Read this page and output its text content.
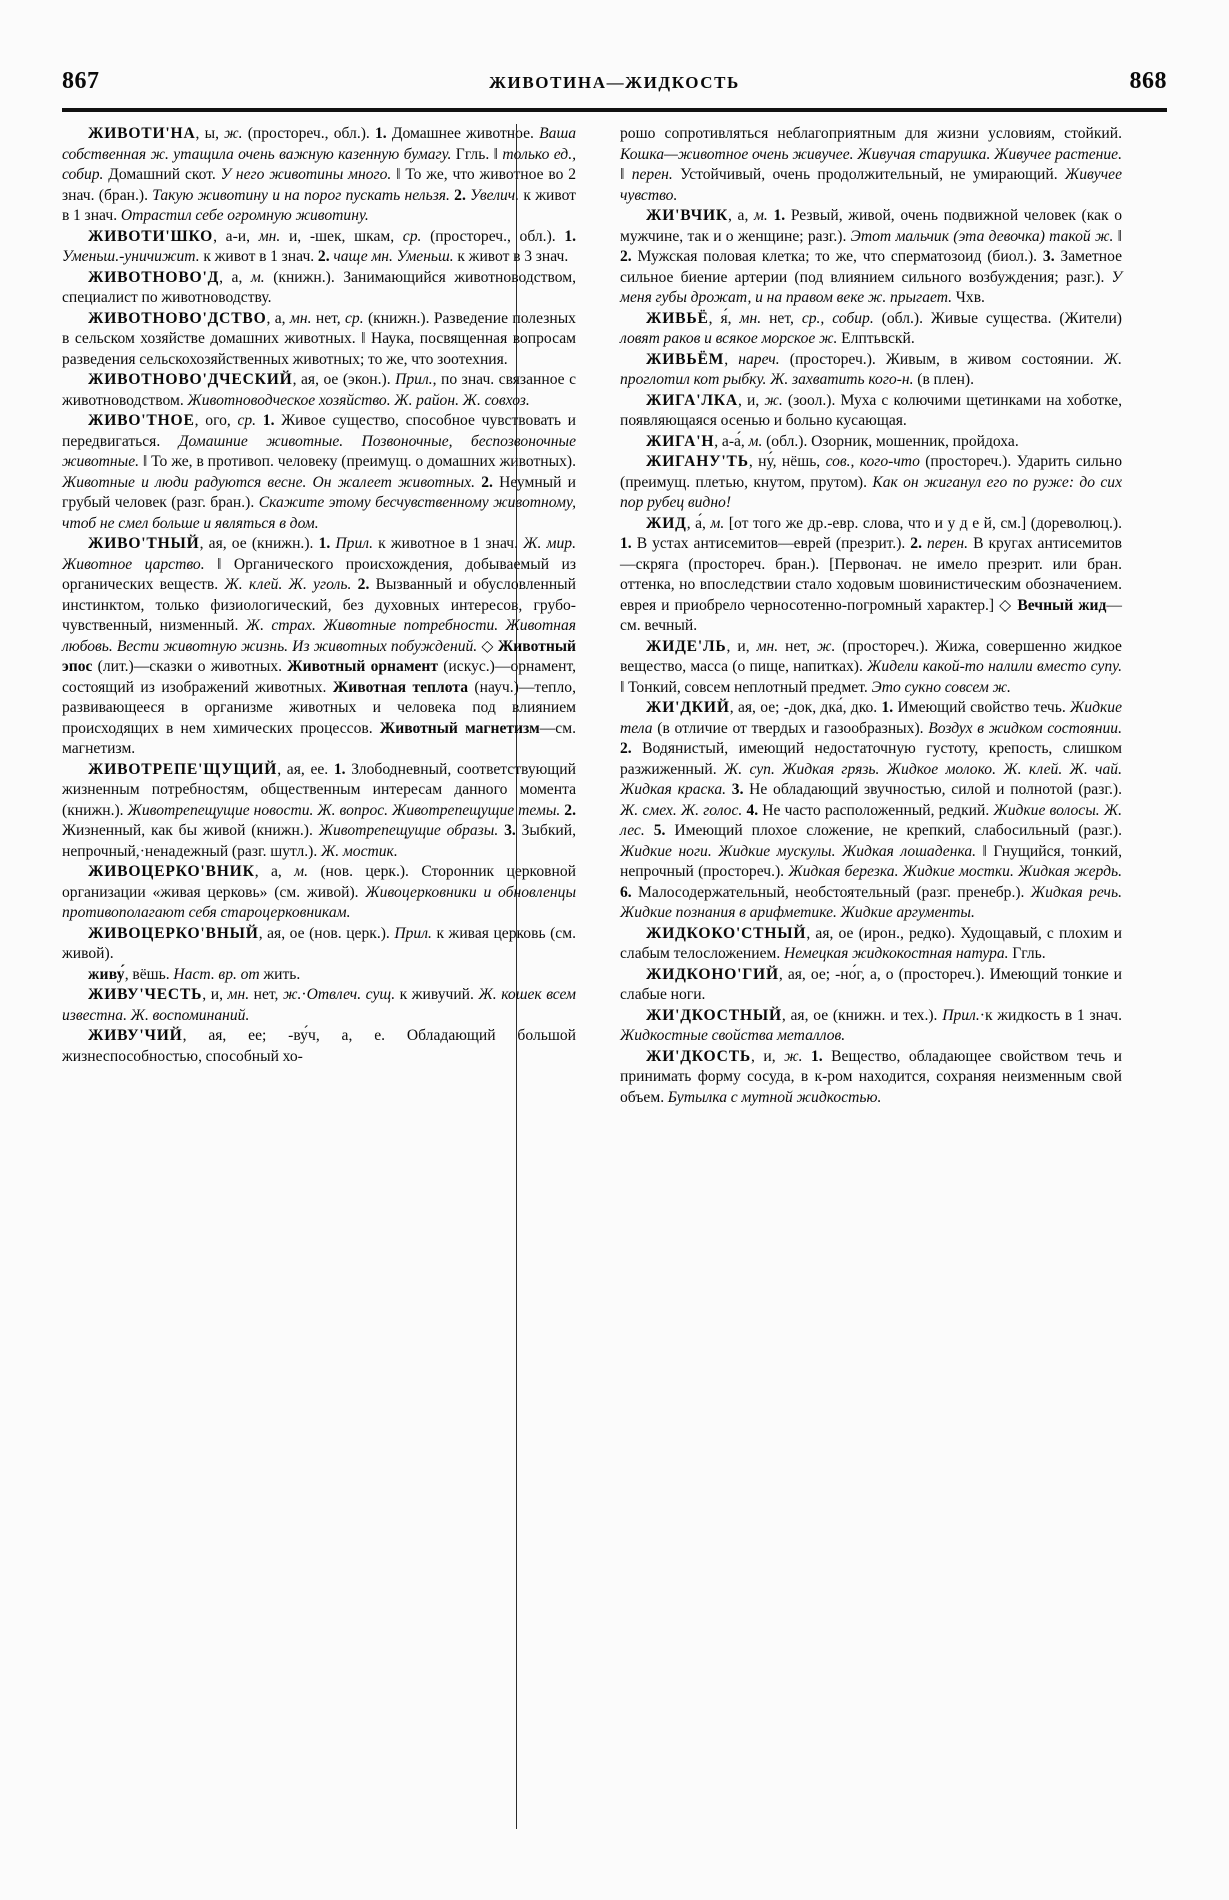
867	ЖИВОТИНА—ЖИДКОСТЬ	868

ЖИВОТИ'НА, ы, ж. (простореч., обл.). 1. Домашнее животное. Ваша собственная ж. утащила очень важную казенную бумагу. Ггль. ‖ только ед., собир. Домашний скот. У него животины много. ‖ То же, что животное во 2 знач. (бран.). Такую животину и на порог пускать нельзя. 2. Увелич. к живот в 1 знач. Отрастил себе огромную животину.

ЖИВОТИ'ШКО, а-и, мн. и, -шек, шкам, ср. (простореч., обл.). 1. Уменьш.-уничижит. к живот в 1 знач. 2. чаще мн. Уменьш. к живот в 3 знач.

ЖИВОТНОВО'Д, а, м. (книжн.). Занимающийся животноводством, специалист по животноводству.

ЖИВОТНОВО'ДСТВО, а, мн. нет, ср. (книжн.). Разведение полезных в сельском хозяйстве домашних животных. ‖ Наука, посвященная вопросам разведения сельскохозяйственных животных; то же, что зоотехния.

ЖИВОТНОВО'ДЧЕСКИЙ, ая, ое (экон.). Прил., по знач. связанное с животноводством. Животноводческое хозяйство. Ж. район. Ж. совхоз.

ЖИВО'ТНОЕ, ого, ср. 1. Живое существо, способное чувствовать и передвигаться. Домашние животные. Позвоночные, беспозвоночные животные. ‖ То же, в противоп. человеку (преимущ. о домашних животных). Животные и люди радуются весне. Он жалеет животных. 2. Неумный и грубый человек (разг. бран.). Скажите этому бесчувственному животному, чтоб не смел больше и являться в дом.

ЖИВО'ТНЫЙ, ая, ое (книжн.). 1. Прил. к животное в 1 знач. Ж. мир. Животное царство. ‖ Органического происхождения, добываемый из органических веществ. Ж. клей. Ж. уголь. 2. Вызванный и обусловленный инстинктом, только физиологический, без духовных интересов, грубо-чувственный, низменный. Ж. страх. Животные потребности. Животная любовь. Вести животную жизнь. Из животных побуждений. ◇ Животный эпос (лит.)—сказки о животных. Животный орнамент (искус.)—орнамент, состоящий из изображений животных. Животная теплота (науч.)—тепло, развивающееся в организме животных и человека под влиянием происходящих в нем химических процессов. Животный магнетизм—см. магнетизм.

ЖИВОТРЕПЕ'ЩУЩИЙ, ая, ее. 1. Злободневный, соответствующий жизненным потребностям, общественным интересам данного момента (книжн.). Животрепещущие новости. Ж. вопрос. Животрепещущие темы. 2. Жизненный, как бы живой (книжн.). Животрепещущие образы. 3. Зыбкий, непрочный,·ненадежный (разг. шутл.). Ж. мостик.

ЖИВОЦЕРКО'ВНИК, а, м. (нов. церк.). Сторонник церковной организации «живая церковь» (см. живой). Живоцерковники и обновленцы противополагают себя староцерковникам.

ЖИВОЦЕРКО'ВНЫЙ, ая, ое (нов. церк.). Прил. к живая церковь (см. живой).

живу́, вёшь. Наст. вр. от жить.

ЖИВУ'ЧЕСТЬ, и, мн. нет, ж.·Отвлеч. сущ. к живучий. Ж. кошек всем известна. Ж. воспоминаний.

ЖИВУ'ЧИЙ, ая, ее; -ву́ч, а, е. Обладающий большой жизнеспособностью, способный хо-

рошо сопротивляться неблагоприятным для жизни условиям, стойкий. Кошка—животное очень живучее. Живучая старушка. Живучее растение. ‖ перен. Устойчивый, очень продолжительный, не умирающий. Живучее чувство.

ЖИ'ВЧИК, а, м. 1. Резвый, живой, очень подвижной человек (как о мужчине, так и о женщине; разг.). Этот мальчик (эта девочка) такой ж. ‖ 2. Мужская половая клетка; то же, что сперматозоид (биол.). 3. Заметное сильное биение артерии (под влиянием сильного возбуждения; разг.). У меня губы дрожат, и на правом веке ж. прыгает. Чхв.

ЖИВЬЁ, я́, мн. нет, ср., собир. (обл.). Живые существа. (Жители) ловят раков и всякое морское ж. Елптьвскй.

ЖИВЬЁМ, нареч. (простореч.). Живым, в живом состоянии. Ж. проглотил кот рыбку. Ж. захватить кого-н. (в плен).

ЖИГА'ЛКА, и, ж. (зоол.). Муха с колючими щетинками на хоботке, появляющаяся осенью и больно кусающая.

ЖИГА'Н, а-а́, м. (обл.). Озорник, мошенник, пройдоха.

ЖИГАНУ'ТЬ, ну́, нёшь, сов., кого-что (простореч.). Ударить сильно (преимущ. плетью, кнутом, прутом). Как он жиганул его по руже: до сих пор рубец видно!

ЖИД, а́, м. [от того же др.-евр. слова, что и у д е й, см.] (дореволюц.). 1. В устах антисемитов—еврей (презрит.). 2. перен. В кругах антисемитов—скряга (простореч. бран.). [Первонач. не имело презрит. или бран. оттенка, но впоследствии стало ходовым шовинистическим обозначением. еврея и приобрело черносотенно-погромный характер.] ◇ Вечный жид—см. вечный.

ЖИДЕ'ЛЬ, и, мн. нет, ж. (простореч.). Жижа, совершенно жидкое вещество, масса (о пище, напитках). Жидели какой-то налили вместо супу. ‖ Тонкий, совсем неплотный предмет. Это сукно совсем ж.

ЖИ'ДКИЙ, ая, ое; -док, дка́, дко. 1. Имеющий свойство течь. Жидкие тела (в отличие от твердых и газообразных). Воздух в жидком состоянии. 2. Водянистый, имеющий недостаточную густоту, крепость, слишком разжиженный. Ж. суп. Жидкая грязь. Жидкое молоко. Ж. клей. Ж. чай. Жидкая краска. 3. Не обладающий звучностью, силой и полнотой (разг.). Ж. смех. Ж. голос. 4. Не часто расположенный, редкий. Жидкие волосы. Ж. лес. 5. Имеющий плохое сложение, не крепкий, слабосильный (разг.). Жидкие ноги. Жидкие мускулы. Жидкая лошаденка. ‖ Гнущийся, тонкий, непрочный (простореч.). Жидкая березка. Жидкие мостки. Жидкая жердь. 6. Малосодержательный, необстоятельный (разг. пренебр.). Жидкая речь. Жидкие познания в арифметике. Жидкие аргументы.

ЖИДКОКО'СТНЫЙ, ая, ое (ирон., редко). Худощавый, с плохим и слабым телосложением. Немецкая жидкокостная натура. Ггль.

ЖИДКОНО'ГИЙ, ая, ое; -но́г, а, о (простореч.). Имеющий тонкие и слабые ноги.

ЖИ'ДКОСТНЫЙ, ая, ое (книжн. и тех.). Прил.·к жидкость в 1 знач. Жидкостные свойства металлов.

ЖИ'ДКОСТЬ, и, ж. 1. Вещество, обладающее свойством течь и принимать форму сосуда, в к-ром находится, сохраняя неизменным свой объем. Бутылка с мутной жидкостью.
